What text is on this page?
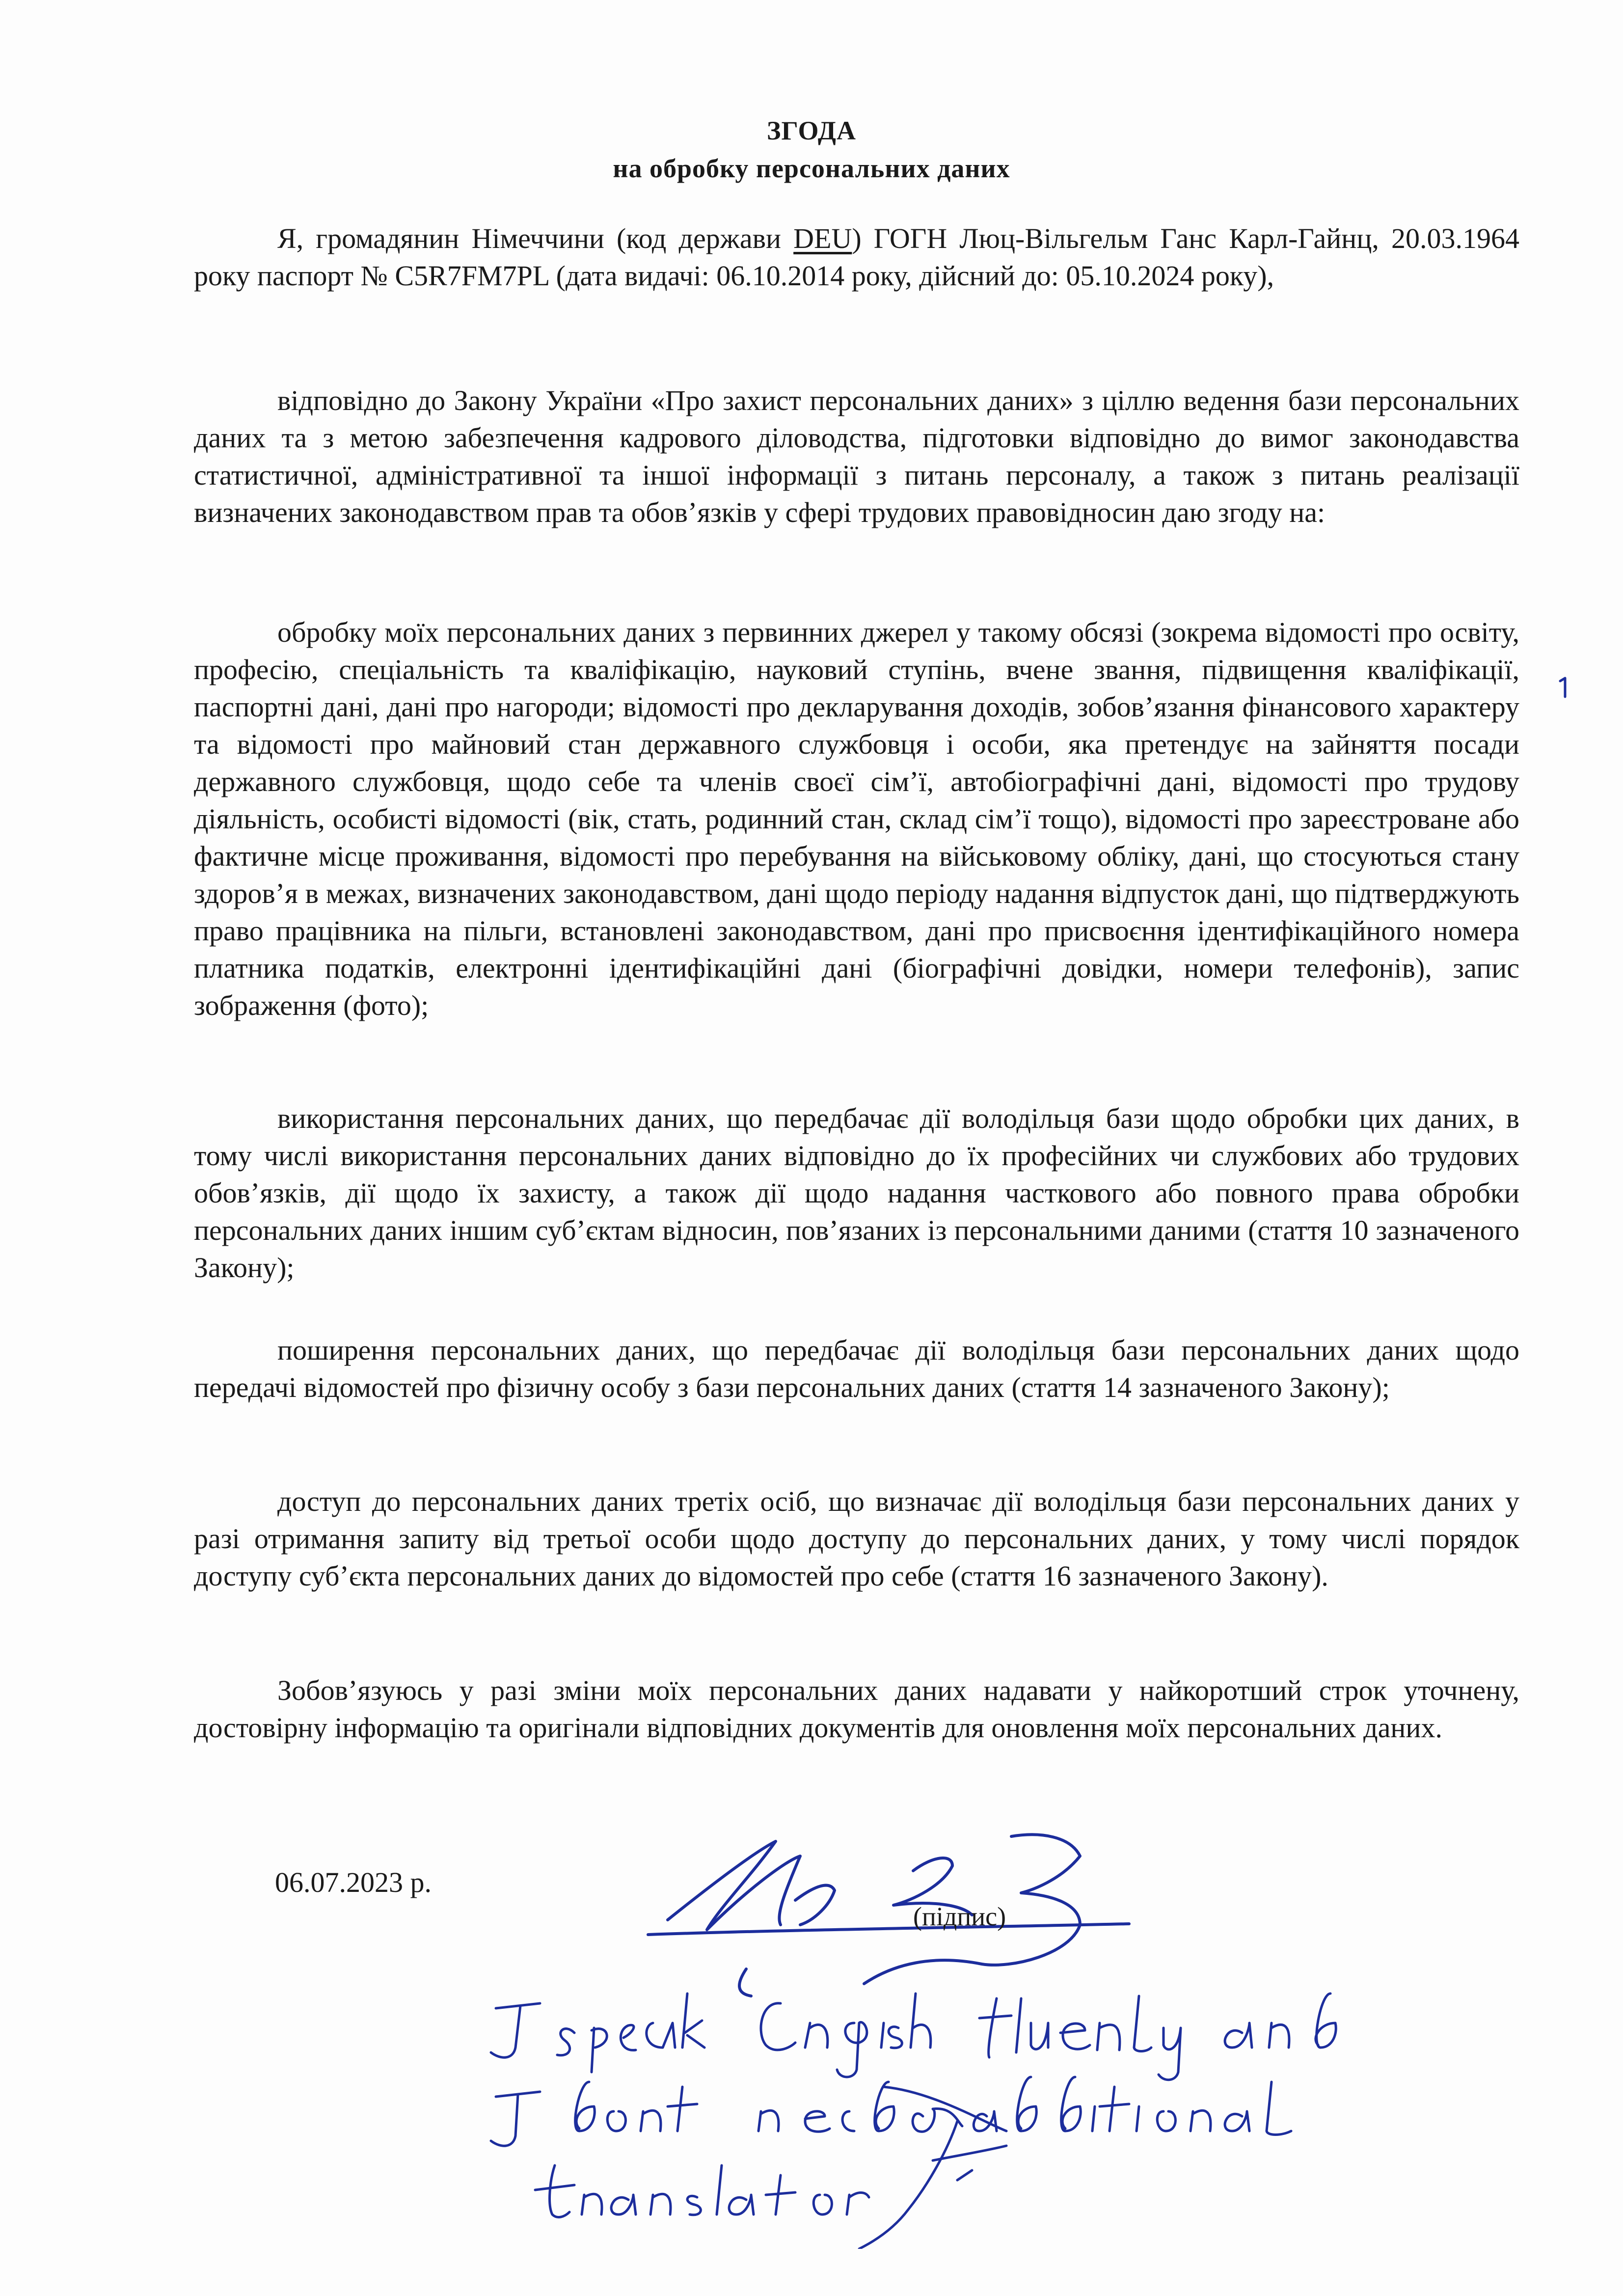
ЗГОДА
на обробку персональних даних

Я, громадянин Німеччини (код держави DEU) ГОГН Люц-Вільгельм Ганс Карл-Гайнц, 20.03.1964 року паспорт № C5R7FM7PL (дата видачі: 06.10.2014 року, дійсний до: 05.10.2024 року),

відповідно до Закону України «Про захист персональних даних» з ціллю ведення бази персональних даних та з метою забезпечення кадрового діловодства, підготовки відповідно до вимог законодавства статистичної, адміністративної та іншої інформації з питань персоналу, а також з питань реалізації визначених законодавством прав та обов’язків у сфері трудових правовідносин даю згоду на:

обробку моїх персональних даних з первинних джерел у такому обсязі (зокрема відомості про освіту, професію, спеціальність та кваліфікацію, науковий ступінь, вчене звання, підвищення кваліфікації, паспортні дані, дані про нагороди; відомості про декларування доходів, зобов’язання фінансового характеру та відомості про майновий стан державного службовця і особи, яка претендує на зайняття посади державного службовця, щодо себе та членів своєї сім’ї, автобіографічні дані, відомості про трудову діяльність, особисті відомості (вік, стать, родинний стан, склад сім’ї тощо), відомості про зареєстроване або фактичне місце проживання, відомості про перебування на військовому обліку, дані, що стосуються стану здоров’я в межах, визначених законодавством, дані щодо періоду надання відпусток дані, що підтверджують право працівника на пільги, встановлені законодавством, дані про присвоєння ідентифікаційного номера платника податків, електронні ідентифікаційні дані (біографічні довідки, номери телефонів), запис зображення (фото);

використання персональних даних, що передбачає дії володільця бази щодо обробки цих даних, в тому числі використання персональних даних відповідно до їх професійних чи службових або трудових обов’язків, дії щодо їх захисту, а також дії щодо надання часткового або повного права обробки персональних даних іншим суб’єктам відносин, пов’язаних із персональними даними (стаття 10 зазначеного Закону);

поширення персональних даних, що передбачає дії володільця бази персональних даних щодо передачі відомостей про фізичну особу з бази персональних даних (стаття 14 зазначеного Закону);

доступ до персональних даних третіх осіб, що визначає дії володільця бази персональних даних у разі отримання запиту від третьої особи щодо доступу до персональних даних, у тому числі порядок доступу суб’єкта персональних даних до відомостей про себе (стаття 16 зазначеного Закону).

Зобов’язуюсь у разі зміни моїх персональних даних надавати у найкоротший строк уточнену, достовірну інформацію та оригінали відповідних документів для оновлення моїх персональних даних.

06.07.2023 р.
(підпис)
